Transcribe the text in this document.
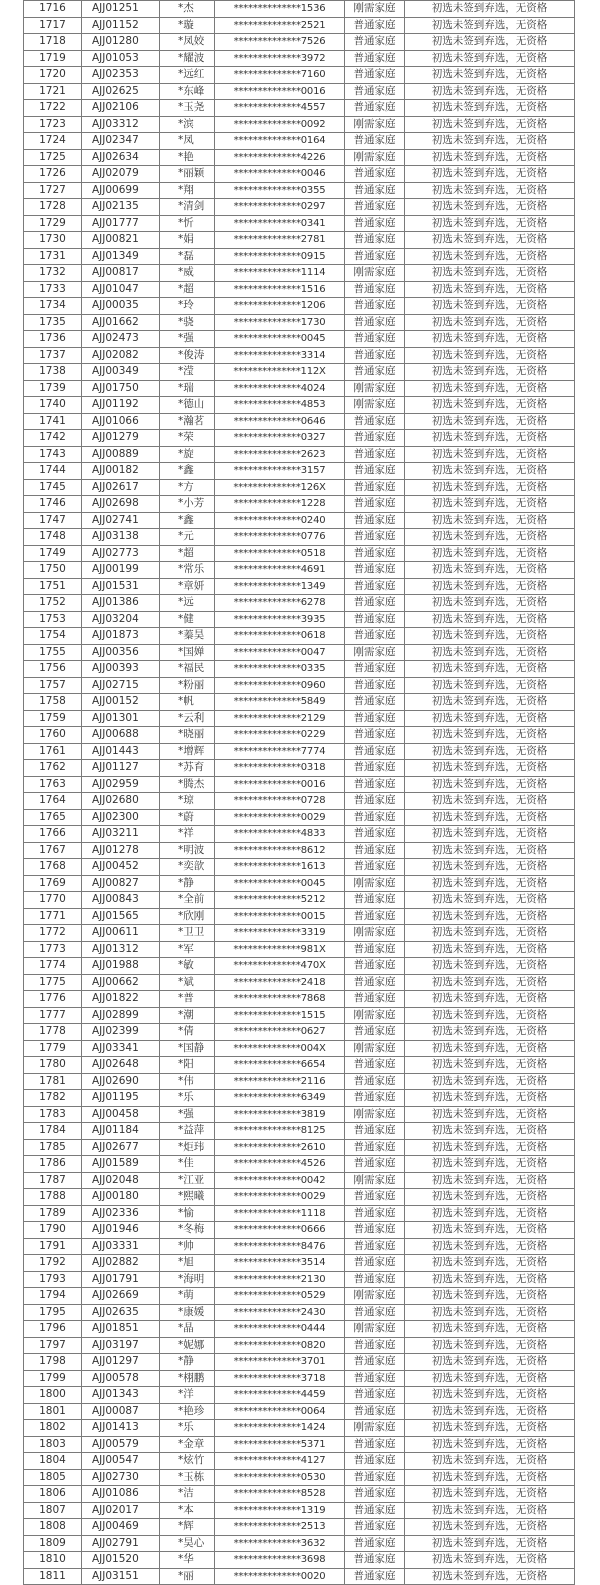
1716	AJJ01251	*杰	**************1536	刚需家庭	初选未签到弃选，无资格
1717	AJJ01152	*璇	**************2521	普通家庭	初选未签到弃选，无资格
1718	AJJ01280	*凤姣	**************7526	普通家庭	初选未签到弃选，无资格
1719	AJJ01053	*耀波	**************3972	普通家庭	初选未签到弃选，无资格
1720	AJJ02353	*远红	**************7160	普通家庭	初选未签到弃选，无资格
1721	AJJ02625	*东峰	**************0016	普通家庭	初选未签到弃选，无资格
1722	AJJ02106	*玉尧	**************4557	普通家庭	初选未签到弃选，无资格
1723	AJJ03312	*滨	**************0092	刚需家庭	初选未签到弃选，无资格
1724	AJJ02347	*凤	**************0164	普通家庭	初选未签到弃选，无资格
1725	AJJ02634	*艳	**************4226	刚需家庭	初选未签到弃选，无资格
1726	AJJ02079	*丽颖	**************0046	普通家庭	初选未签到弃选，无资格
1727	AJJ00699	*翔	**************0355	普通家庭	初选未签到弃选，无资格
1728	AJJ02135	*清剑	**************0297	普通家庭	初选未签到弃选，无资格
1729	AJJ01777	*忻	**************0341	普通家庭	初选未签到弃选，无资格
1730	AJJ00821	*娟	**************2781	普通家庭	初选未签到弃选，无资格
1731	AJJ01349	*磊	**************0915	普通家庭	初选未签到弃选，无资格
1732	AJJ00817	*威	**************1114	刚需家庭	初选未签到弃选，无资格
1733	AJJ01047	*超	**************1516	普通家庭	初选未签到弃选，无资格
1734	AJJ00035	*玲	**************1206	普通家庭	初选未签到弃选，无资格
1735	AJJ01662	*骁	**************1730	普通家庭	初选未签到弃选，无资格
1736	AJJ02473	*强	**************0045	普通家庭	初选未签到弃选，无资格
1737	AJJ02082	*俊涛	**************3314	普通家庭	初选未签到弃选，无资格
1738	AJJ00349	*滢	**************112X	普通家庭	初选未签到弃选，无资格
1739	AJJ01750	*瑞	**************4024	刚需家庭	初选未签到弃选，无资格
1740	AJJ01192	*德山	**************4853	刚需家庭	初选未签到弃选，无资格
1741	AJJ01066	*瀚茗	**************0646	普通家庭	初选未签到弃选，无资格
1742	AJJ01279	*荣	**************0327	普通家庭	初选未签到弃选，无资格
1743	AJJ00889	*旋	**************2623	普通家庭	初选未签到弃选，无资格
1744	AJJ00182	*鑫	**************3157	普通家庭	初选未签到弃选，无资格
1745	AJJ02617	*方	**************126X	普通家庭	初选未签到弃选，无资格
1746	AJJ02698	*小芳	**************1228	普通家庭	初选未签到弃选，无资格
1747	AJJ02741	*鑫	**************0240	普通家庭	初选未签到弃选，无资格
1748	AJJ03138	*元	**************0776	普通家庭	初选未签到弃选，无资格
1749	AJJ02773	*超	**************0518	普通家庭	初选未签到弃选，无资格
1750	AJJ00199	*常乐	**************4691	普通家庭	初选未签到弃选，无资格
1751	AJJ01531	*章妍	**************1349	普通家庭	初选未签到弃选，无资格
1752	AJJ01386	*远	**************6278	普通家庭	初选未签到弃选，无资格
1753	AJJ03204	*健	**************3935	普通家庭	初选未签到弃选，无资格
1754	AJJ01873	*蓁昊	**************0618	普通家庭	初选未签到弃选，无资格
1755	AJJ00356	*国婵	**************0047	刚需家庭	初选未签到弃选，无资格
1756	AJJ00393	*福民	**************0335	普通家庭	初选未签到弃选，无资格
1757	AJJ02715	*粉丽	**************0960	普通家庭	初选未签到弃选，无资格
1758	AJJ00152	*帆	**************5849	普通家庭	初选未签到弃选，无资格
1759	AJJ01301	*云利	**************2129	普通家庭	初选未签到弃选，无资格
1760	AJJ00688	*晓丽	**************0229	普通家庭	初选未签到弃选，无资格
1761	AJJ01443	*增辉	**************7774	普通家庭	初选未签到弃选，无资格
1762	AJJ01127	*苏育	**************0318	普通家庭	初选未签到弃选，无资格
1763	AJJ02959	*腾杰	**************0016	普通家庭	初选未签到弃选，无资格
1764	AJJ02680	*琼	**************0728	普通家庭	初选未签到弃选，无资格
1765	AJJ02300	*蔚	**************0029	普通家庭	初选未签到弃选，无资格
1766	AJJ03211	*祥	**************4833	普通家庭	初选未签到弃选，无资格
1767	AJJ01278	*明波	**************8612	普通家庭	初选未签到弃选，无资格
1768	AJJ00452	*奕歆	**************1613	普通家庭	初选未签到弃选，无资格
1769	AJJ00827	*静	**************0045	刚需家庭	初选未签到弃选，无资格
1770	AJJ00843	*全前	**************5212	普通家庭	初选未签到弃选，无资格
1771	AJJ01565	*欣刚	**************0015	普通家庭	初选未签到弃选，无资格
1772	AJJ00611	*卫卫	**************3319	刚需家庭	初选未签到弃选，无资格
1773	AJJ01312	*军	**************981X	普通家庭	初选未签到弃选，无资格
1774	AJJ01988	*敏	**************470X	普通家庭	初选未签到弃选，无资格
1775	AJJ00662	*斌	**************2418	普通家庭	初选未签到弃选，无资格
1776	AJJ01822	*普	**************7868	普通家庭	初选未签到弃选，无资格
1777	AJJ02899	*潮	**************1515	刚需家庭	初选未签到弃选，无资格
1778	AJJ02399	*倩	**************0627	普通家庭	初选未签到弃选，无资格
1779	AJJ03341	*国静	**************004X	刚需家庭	初选未签到弃选，无资格
1780	AJJ02648	*阳	**************6654	普通家庭	初选未签到弃选，无资格
1781	AJJ02690	*伟	**************2116	普通家庭	初选未签到弃选，无资格
1782	AJJ01195	*乐	**************6349	普通家庭	初选未签到弃选，无资格
1783	AJJ00458	*强	**************3819	刚需家庭	初选未签到弃选，无资格
1784	AJJ01184	*益萍	**************8125	普通家庭	初选未签到弃选，无资格
1785	AJJ02677	*炬玮	**************2610	普通家庭	初选未签到弃选，无资格
1786	AJJ01589	*佳	**************4526	普通家庭	初选未签到弃选，无资格
1787	AJJ02048	*江亚	**************0042	刚需家庭	初选未签到弃选，无资格
1788	AJJ00180	*熙曦	**************0029	普通家庭	初选未签到弃选，无资格
1789	AJJ02336	*愉	**************1118	普通家庭	初选未签到弃选，无资格
1790	AJJ01946	*冬梅	**************0666	普通家庭	初选未签到弃选，无资格
1791	AJJ03331	*帅	**************8476	普通家庭	初选未签到弃选，无资格
1792	AJJ02882	*旭	**************3514	普通家庭	初选未签到弃选，无资格
1793	AJJ01791	*海明	**************2130	普通家庭	初选未签到弃选，无资格
1794	AJJ02669	*萌	**************0529	刚需家庭	初选未签到弃选，无资格
1795	AJJ02635	*康媛	**************2430	普通家庭	初选未签到弃选，无资格
1796	AJJ01851	*晶	**************0444	刚需家庭	初选未签到弃选，无资格
1797	AJJ03197	*妮娜	**************0820	普通家庭	初选未签到弃选，无资格
1798	AJJ01297	*静	**************3701	普通家庭	初选未签到弃选，无资格
1799	AJJ00578	*栩鹏	**************3718	普通家庭	初选未签到弃选，无资格
1800	AJJ01343	*洋	**************4459	普通家庭	初选未签到弃选，无资格
1801	AJJ00087	*艳珍	**************0064	普通家庭	初选未签到弃选，无资格
1802	AJJ01413	*乐	**************1424	刚需家庭	初选未签到弃选，无资格
1803	AJJ00579	*金章	**************5371	普通家庭	初选未签到弃选，无资格
1804	AJJ00547	*炫竹	**************4127	普通家庭	初选未签到弃选，无资格
1805	AJJ02730	*玉栋	**************0530	普通家庭	初选未签到弃选，无资格
1806	AJJ01086	*洁	**************8528	普通家庭	初选未签到弃选，无资格
1807	AJJ02017	*本	**************1319	普通家庭	初选未签到弃选，无资格
1808	AJJ00469	*辉	**************2513	普通家庭	初选未签到弃选，无资格
1809	AJJ02791	*昊心	**************3632	普通家庭	初选未签到弃选，无资格
1810	AJJ01520	*华	**************3698	普通家庭	初选未签到弃选，无资格
1811	AJJ03151	*丽	**************0020	普通家庭	初选未签到弃选，无资格
